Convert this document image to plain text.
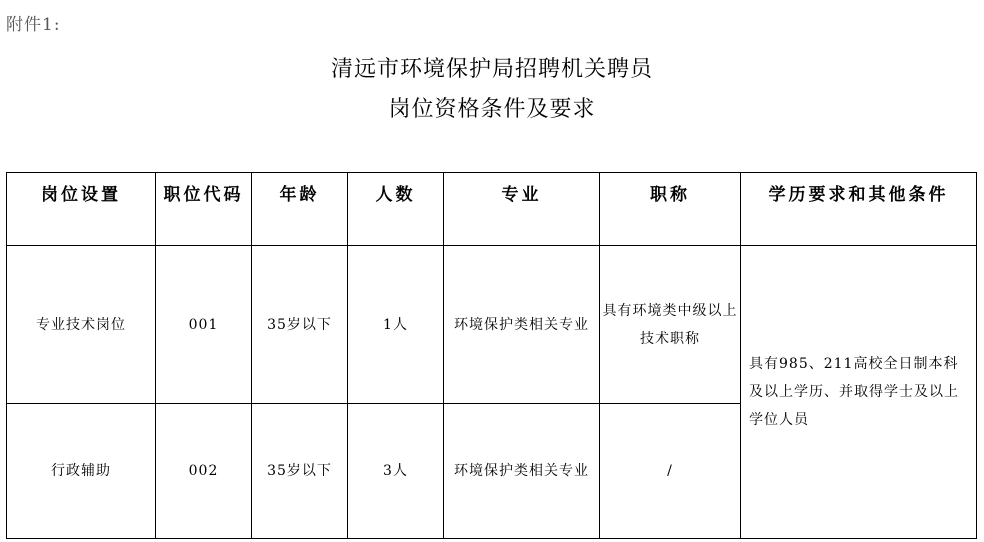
附件1:
清远市环境保护局招聘机关聘员
岗位资格条件及要求
岗位设置	职位代码	年龄	人数	专业	职称	学历要求和其他条件
专业技术岗位	001	35岁以下	1人	环境保护类相关专业	具有环境类中级以上技术职称	具有985、211高校全日制本科及以上学历、并取得学士及以上学位人员
行政辅助	002	35岁以下	3人	环境保护类相关专业	/	
